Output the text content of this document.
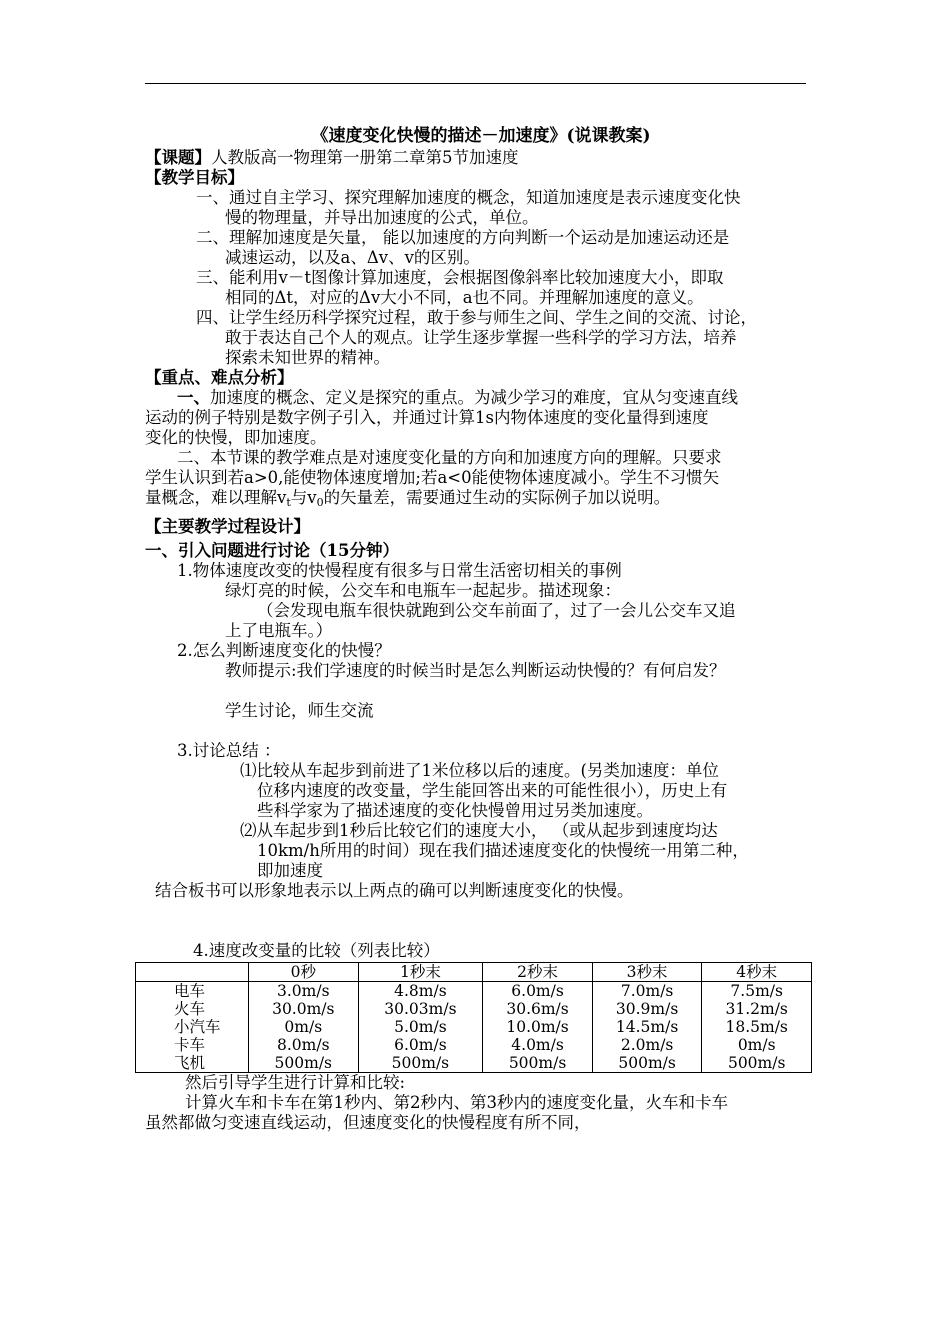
《速度变化快慢的描述－加速度》(说课教案)
【课题】人教版高一物理第一册第二章第5节加速度
【教学目标】
一、通过自主学习、探究理解加速度的概念，知道加速度是表示速度变化快
慢的物理量，并导出加速度的公式，单位。
二、理解加速度是矢量， 能以加速度的方向判断一个运动是加速运动还是
减速运动，以及a、Δv、v的区别。
三、能利用v－t图像计算加速度，会根据图像斜率比较加速度大小，即取
相同的Δt，对应的Δv大小不同，a也不同。并理解加速度的意义。
四、让学生经历科学探究过程，敢于参与师生之间、学生之间的交流、讨论，
敢于表达自己个人的观点。让学生逐步掌握一些科学的学习方法，培养
探索未知世界的精神。
【重点、难点分析】
一、加速度的概念、定义是探究的重点。为减少学习的难度，宜从匀变速直线
运动的例子特别是数字例子引入，并通过计算1s内物体速度的变化量得到速度
变化的快慢，即加速度。
二、本节课的教学难点是对速度变化量的方向和加速度方向的理解。只要求
学生认识到若a>0,能使物体速度增加;若a<0能使物体速度减小。学生不习惯矢
量概念，难以理解$v_t$与$v_0$的矢量差，需要通过生动的实际例子加以说明。
【主要教学过程设计】
一、引入问题进行讨论（15分钟）
1.物体速度改变的快慢程度有很多与日常生活密切相关的事例
绿灯亮的时候，公交车和电瓶车一起起步。描述现象：
（会发现电瓶车很快就跑到公交车前面了，过了一会儿公交车又追
上了电瓶车。）
2.怎么判断速度变化的快慢？
教师提示:我们学速度的时候当时是怎么判断运动快慢的？有何启发？
学生讨论，师生交流
3.讨论总结 ：
⑴比较从车起步到前进了1米位移以后的速度。(另类加速度：单位
位移内速度的改变量，学生能回答出来的可能性很小），历史上有
些科学家为了描述速度的变化快慢曾用过另类加速度。
⑵从车起步到1秒后比较它们的速度大小， （或从起步到速度均达
10km/h所用的时间）现在我们描述速度变化的快慢统一用第二种，
即加速度
结合板书可以形象地表示以上两点的确可以判断速度变化的快慢。
4.速度改变量的比较（列表比较）
	0秒	1秒末	2秒末	3秒末	4秒末
电车	3.0m/s	4.8m/s	6.0m/s	7.0m/s	7.5m/s
火车	30.0m/s	30.03m/s	30.6m/s	30.9m/s	31.2m/s
小汽车	0m/s	5.0m/s	10.0m/s	14.5m/s	18.5m/s
卡车	8.0m/s	6.0m/s	4.0m/s	2.0m/s	0m/s
飞机	500m/s	500m/s	500m/s	500m/s	500m/s
然后引导学生进行计算和比较:
计算火车和卡车在第1秒内、第2秒内、第3秒内的速度变化量，火车和卡车
虽然都做匀变速直线运动，但速度变化的快慢程度有所不同，
